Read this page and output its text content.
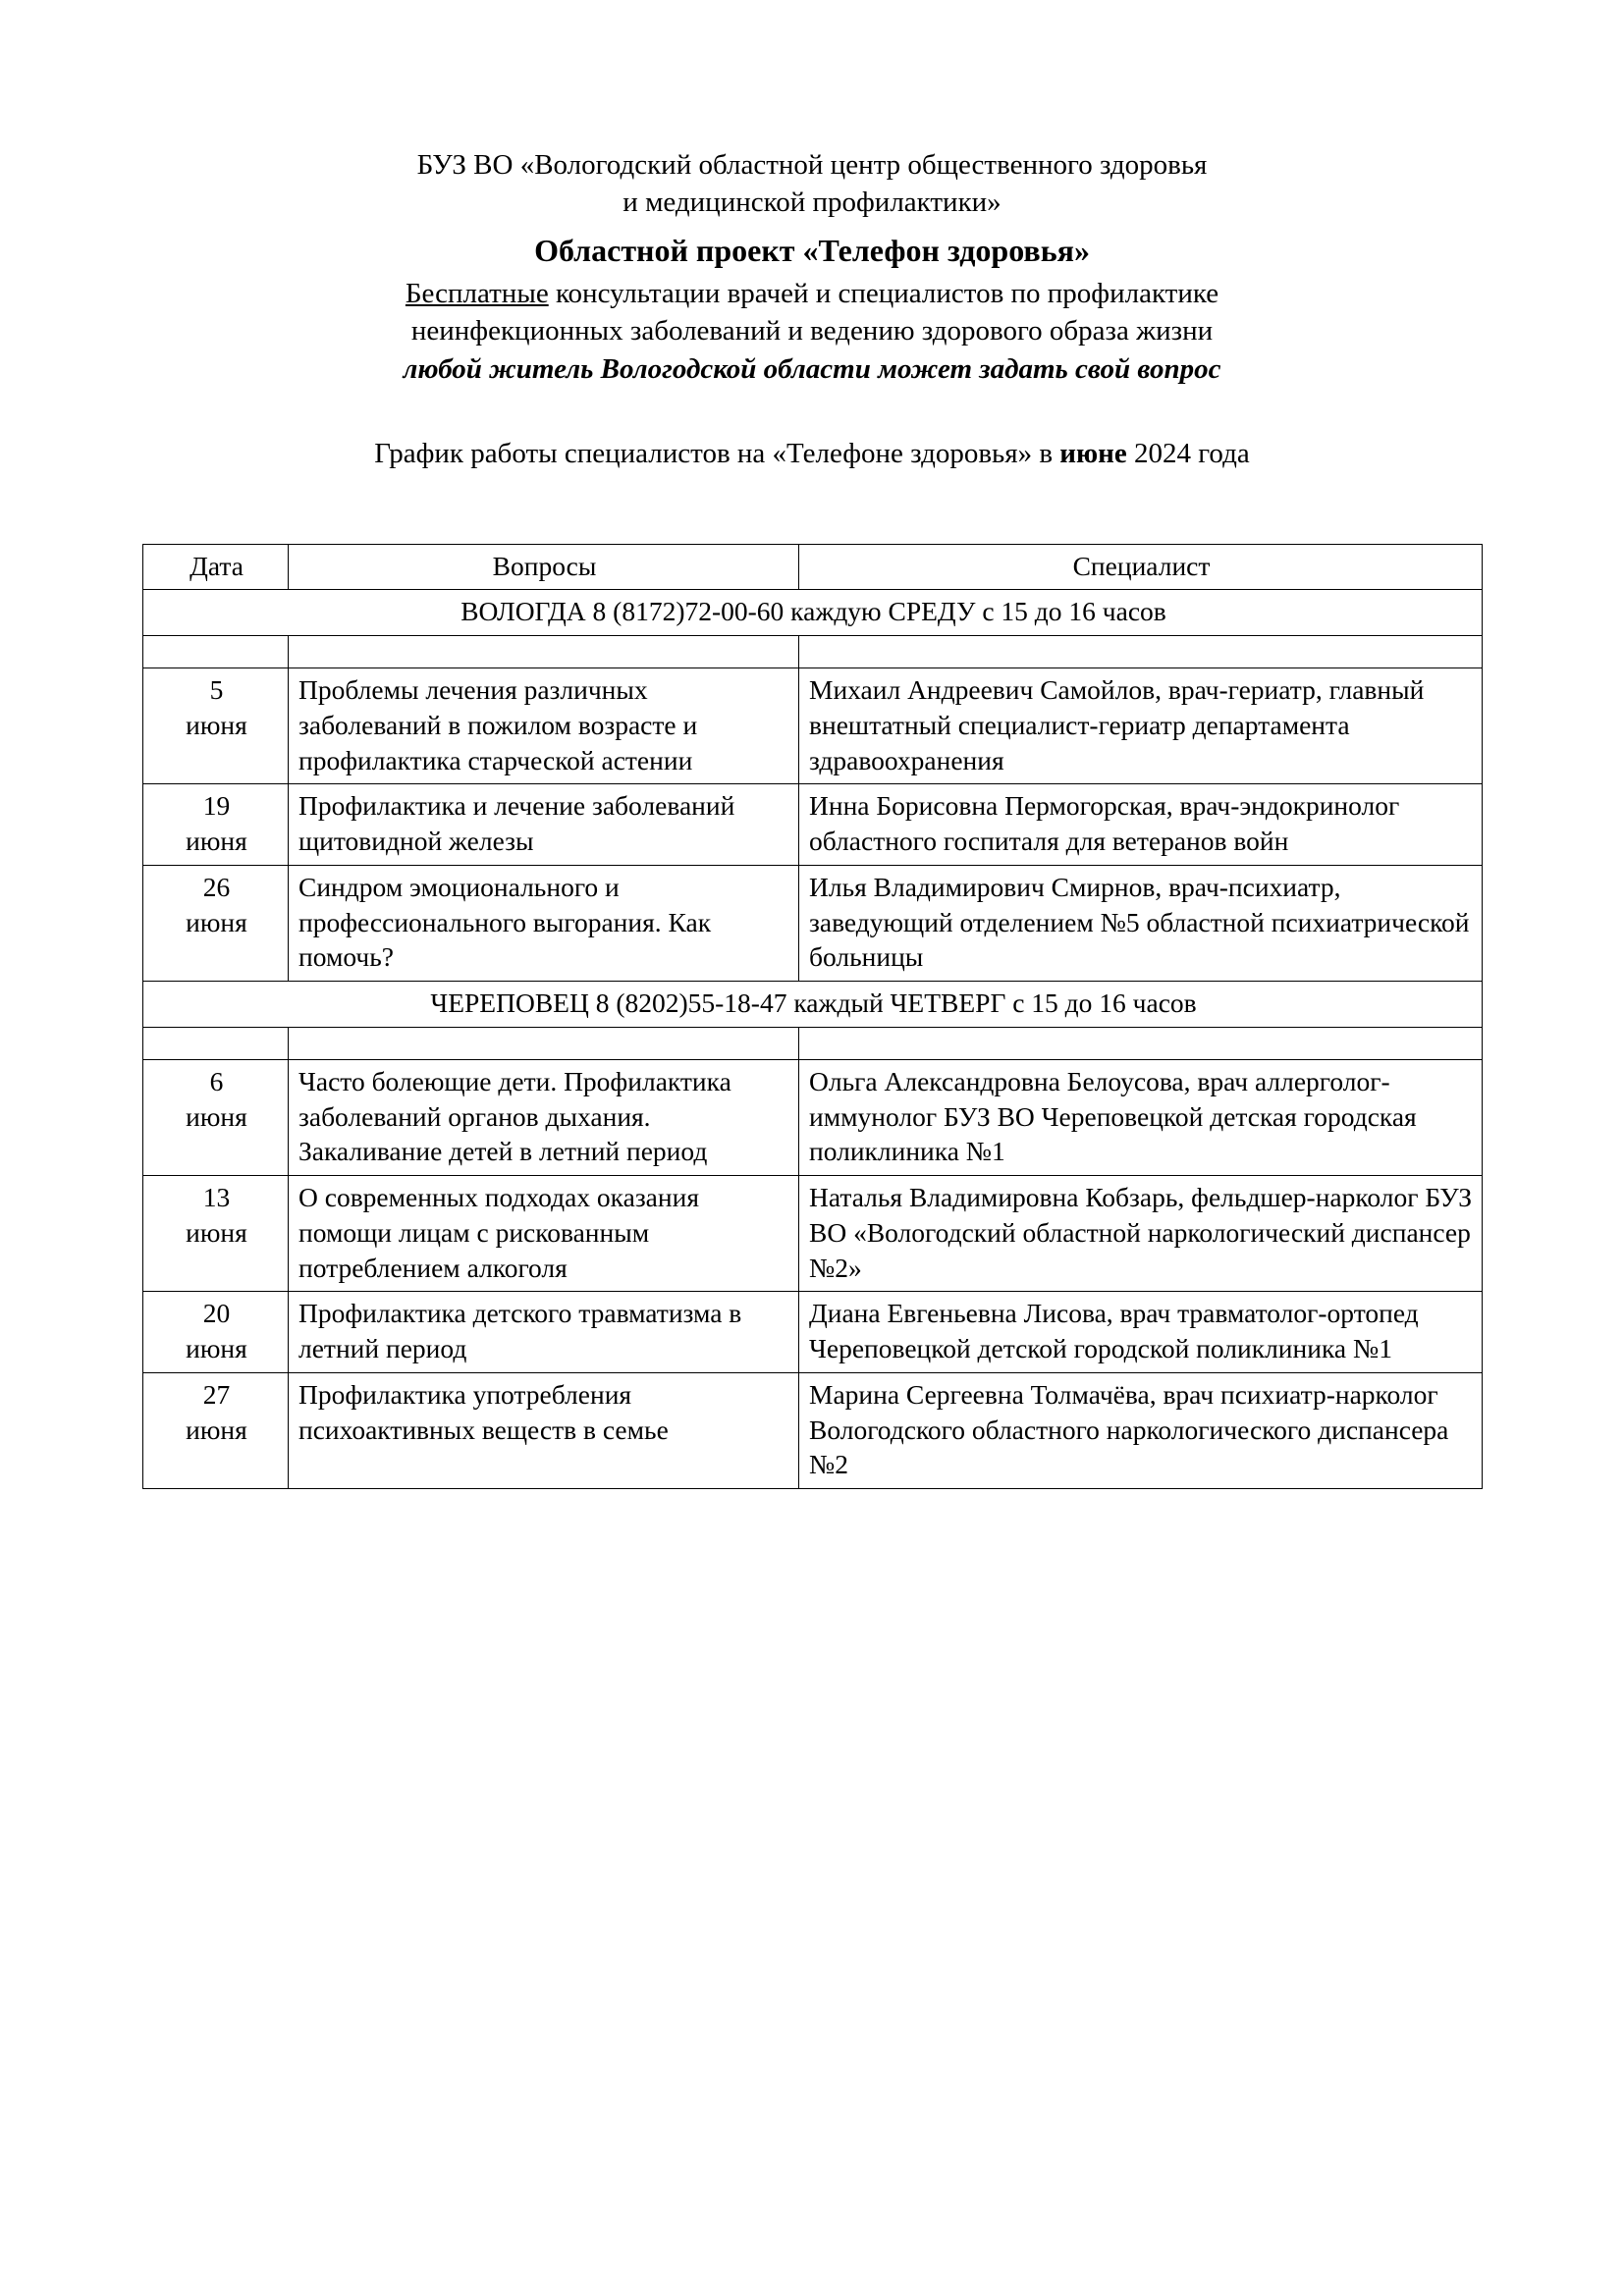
БУЗ ВО «Вологодский областной центр общественного здоровья
и медицинской профилактики»
Областной проект «Телефон здоровья»
Бесплатные консультации врачей и специалистов по профилактике
неинфекционных заболеваний и ведению здорового образа жизни
любой житель Вологодской области может задать свой вопрос
График работы специалистов на «Телефоне здоровья» в июне 2024 года
Дата	Вопросы	Специалист
ВОЛОГДА 8 (8172)72-00-60 каждую СРЕДУ с 15 до 16 часов		

5
июня	Проблемы лечения различных заболеваний в пожилом возрасте и профилактика старческой астении	Михаил Андреевич Самойлов, врач-гериатр, главный внештатный специалист-гериатр департамента здравоохранения

19
июня	Профилактика и лечение заболеваний щитовидной железы	Инна Борисовна Пермогорская, врач-эндокринолог областного госпиталя для ветеранов войн

26
июня	Синдром эмоционального и профессионального выгорания. Как помочь?	Илья Владимирович Смирнов, врач-психиатр, заведующий отделением №5 областной психиатрической больницы
ЧЕРЕПОВЕЦ 8 (8202)55-18-47 каждый ЧЕТВЕРГ с 15 до 16 часов		

6
июня	Часто болеющие дети. Профилактика заболеваний органов дыхания. Закаливание детей в летний период	Ольга Александровна Белоусова, врач аллерголог-иммунолог БУЗ ВО Череповецкой детская городская поликлиника №1

13
июня	О современных подходах оказания помощи лицам с рискованным потреблением алкоголя	Наталья Владимировна Кобзарь, фельдшер-нарколог БУЗ ВО «Вологодский областной наркологический диспансер №2»

20
июня	Профилактика детского травматизма в летний период	Диана Евгеньевна Лисова, врач травматолог-ортопед Череповецкой детской городской поликлиника №1

27
июня	Профилактика употребления психоактивных веществ в семье	Марина Сергеевна Толмачёва, врач психиатр-нарколог Вологодского областного наркологического диспансера №2
